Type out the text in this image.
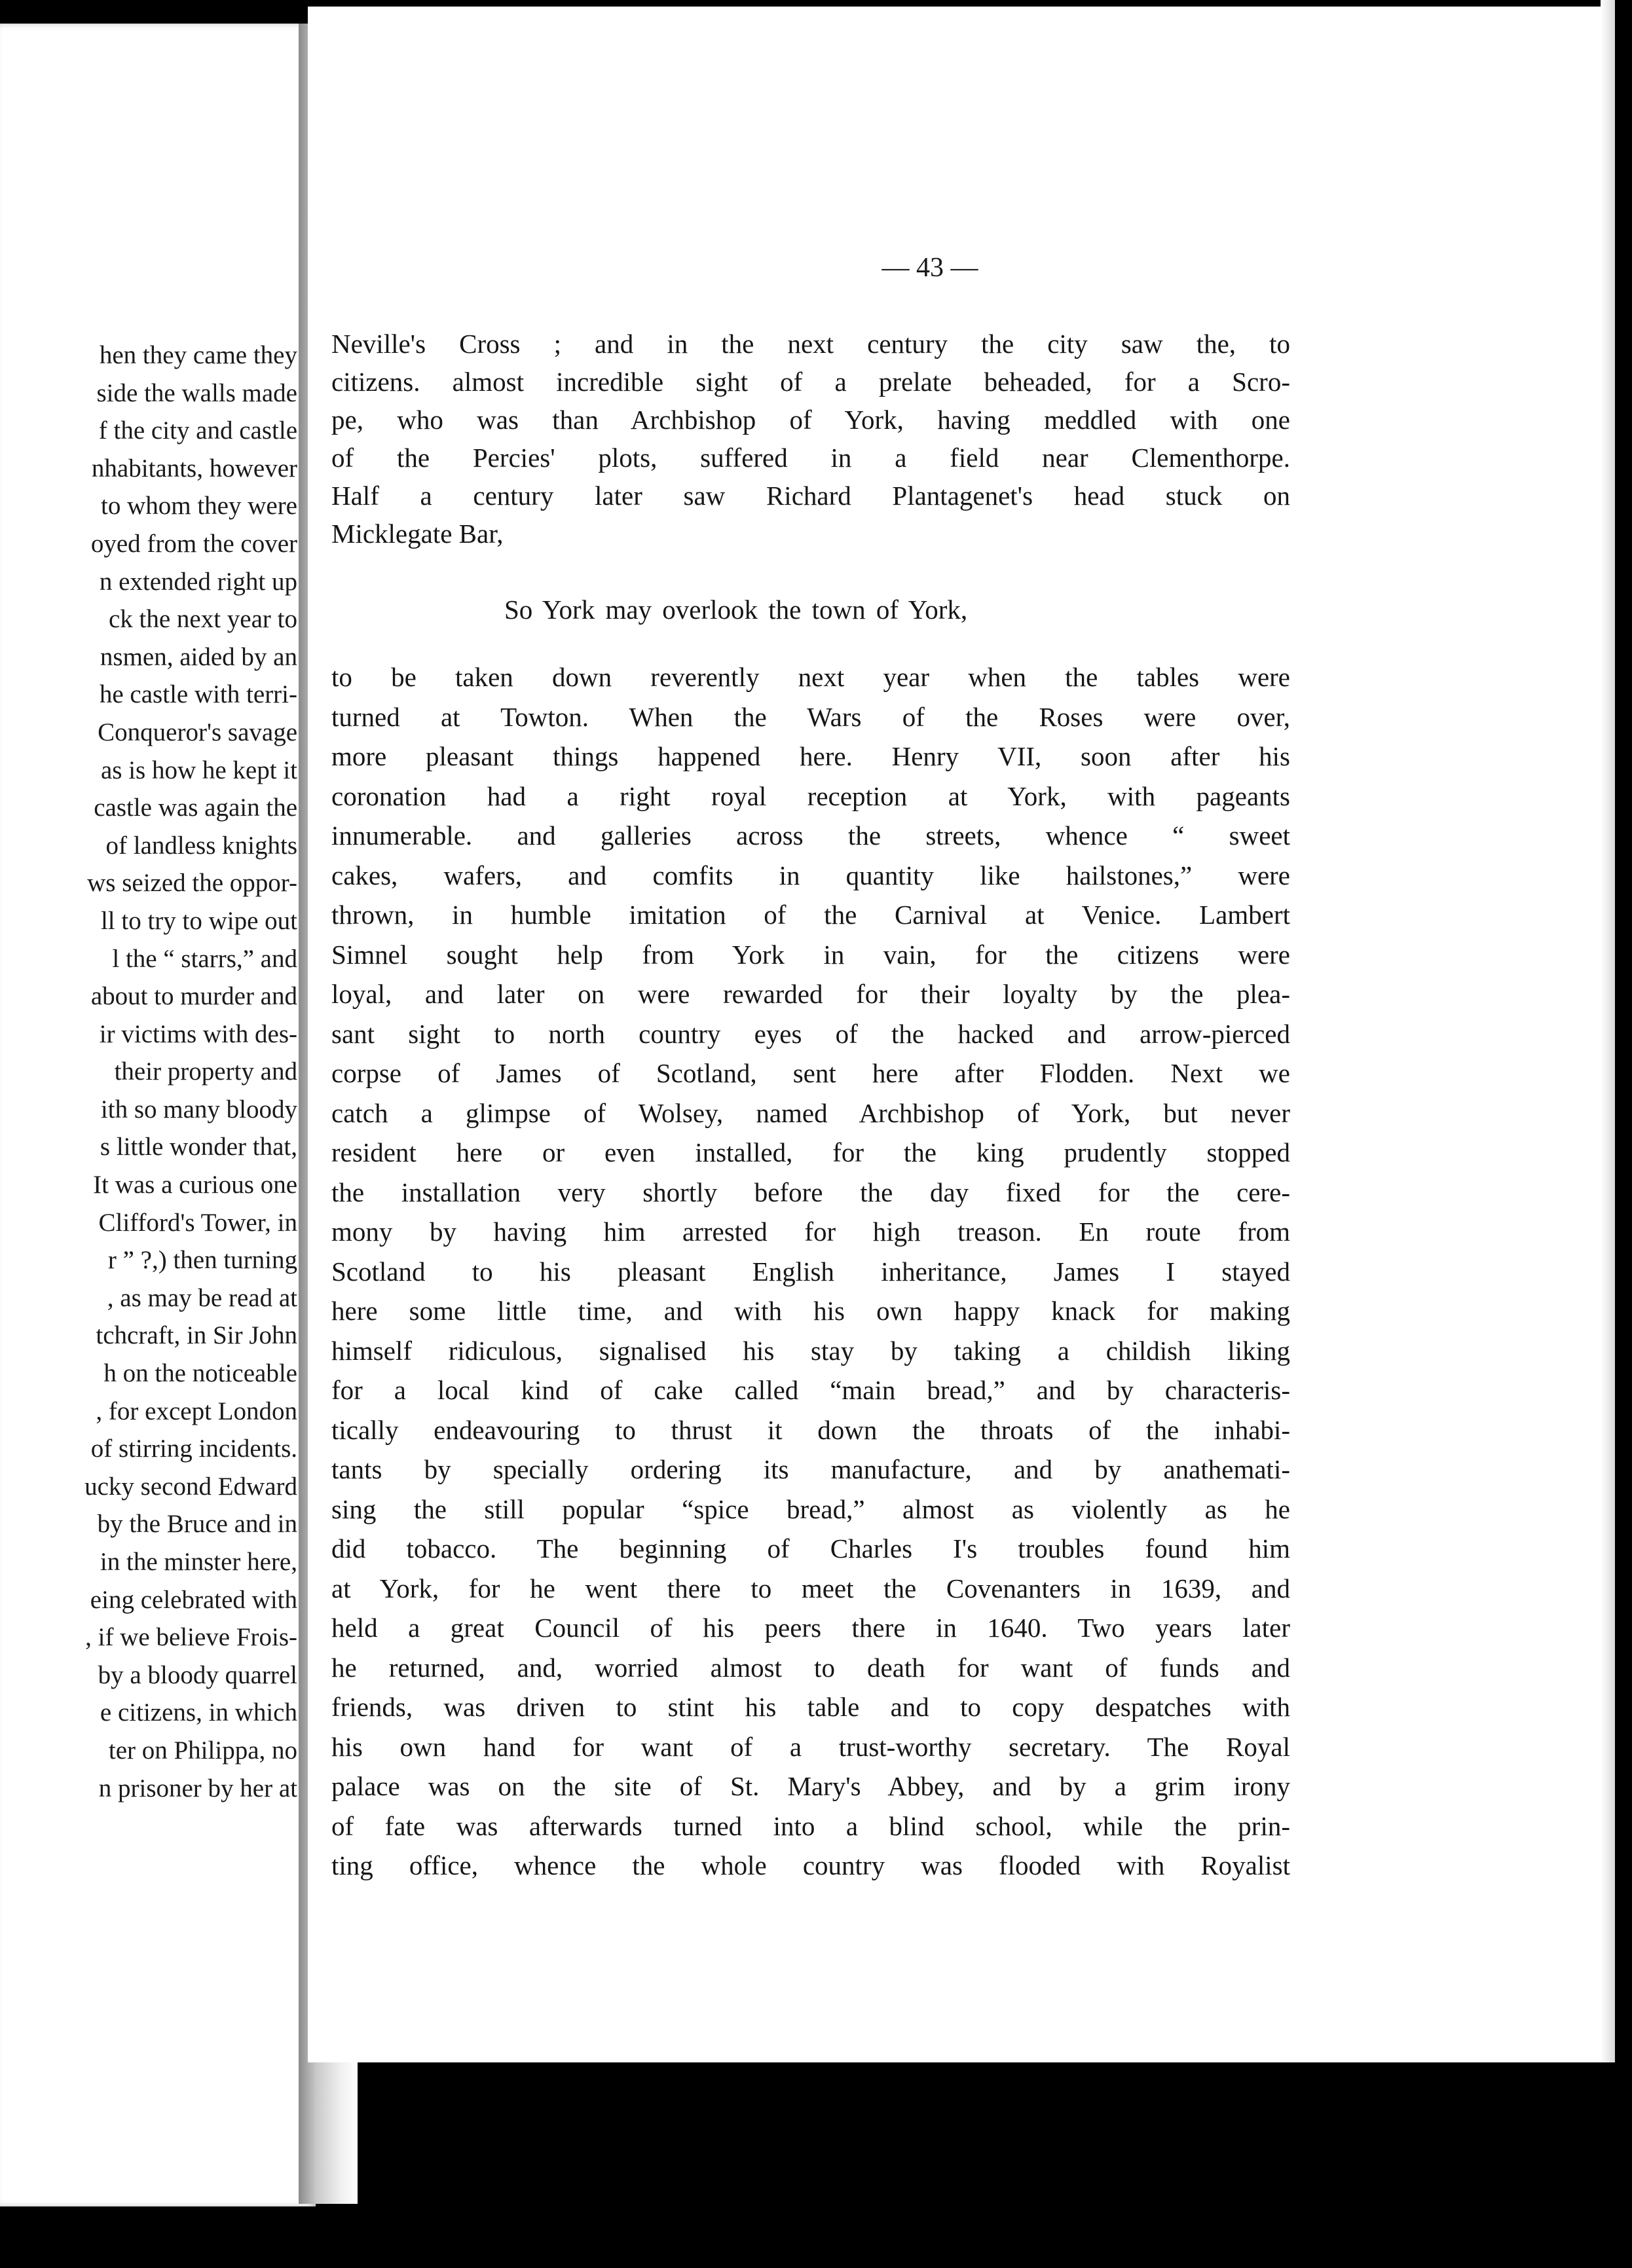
hen they came they
side the walls made
f the city and castle
nhabitants, however
to whom they were
oyed from the cover
n extended right up
ck the next year to
nsmen, aided by an
he castle with terri-
Conqueror's savage
as is how he kept it
castle was again the
of landless knights
ws seized the oppor-
ll to try to wipe out
l the “ starrs,” and
about to murder and
ir victims with des-
their property and
ith so many bloody
s little wonder that,
It was a curious one
Clifford's Tower, in
r ” ?,) then turning
, as may be read at
tchcraft, in Sir John
h on the noticeable
, for except London
of stirring incidents.
ucky second Edward
by the Bruce and in
in the minster here,
eing celebrated with
, if we believe Frois-
by a bloody quarrel
e citizens, in which
ter on Philippa, no
n prisoner by her at
— 43 —
Neville's Cross ; and in the next century the city saw the, to
citizens. almost incredible sight of a prelate beheaded, for a Scro-
pe, who was than Archbishop of York, having meddled with one
of the Percies' plots, suffered in a field near Clementhorpe.
Half a century later saw Richard Plantagenet's head stuck on
Micklegate Bar,
So York may overlook the town of York,
to be taken down reverently next year when the tables were
turned at Towton. When the Wars of the Roses were over,
more pleasant things happened here. Henry VII, soon after his
coronation had a right royal reception at York, with pageants
innumerable. and galleries across the streets, whence “ sweet
cakes, wafers, and comfits in quantity like hailstones,” were
thrown, in humble imitation of the Carnival at Venice. Lambert
Simnel sought help from York in vain, for the citizens were
loyal, and later on were rewarded for their loyalty by the plea-
sant sight to north country eyes of the hacked and arrow-pierced
corpse of James of Scotland, sent here after Flodden. Next we
catch a glimpse of Wolsey, named Archbishop of York, but never
resident here or even installed, for the king prudently stopped
the installation very shortly before the day fixed for the cere-
mony by having him arrested for high treason. En route from
Scotland to his pleasant English inheritance, James I stayed
here some little time, and with his own happy knack for making
himself ridiculous, signalised his stay by taking a childish liking
for a local kind of cake called “main bread,” and by characteris-
tically endeavouring to thrust it down the throats of the inhabi-
tants by specially ordering its manufacture, and by anathemati-
sing the still popular “spice bread,” almost as violently as he
did tobacco. The beginning of Charles I's troubles found him
at York, for he went there to meet the Covenanters in 1639, and
held a great Council of his peers there in 1640. Two years later
he returned, and, worried almost to death for want of funds and
friends, was driven to stint his table and to copy despatches with
his own hand for want of a trust-worthy secretary. The Royal
palace was on the site of St. Mary's Abbey, and by a grim irony
of fate was afterwards turned into a blind school, while the prin-
ting office, whence the whole country was flooded with Royalist
